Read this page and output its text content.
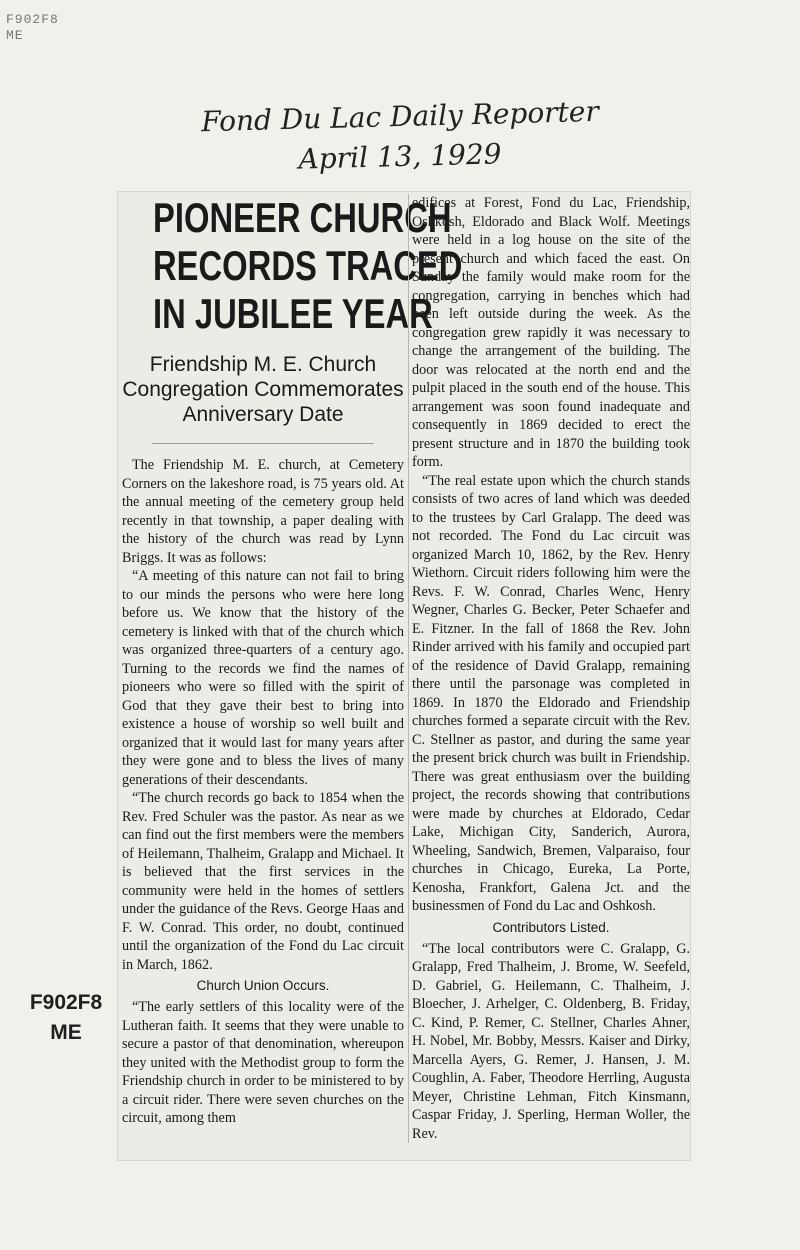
F902F8
ME
Fond Du Lac Daily Reporter
April 13, 1929
F902F8
ME
PIONEER CHURCH
RECORDS TRACED
IN JUBILEE YEAR
Friendship M. E. Church Congregation Commemorates Anniversary Date

The Friendship M. E. church, at Cemetery Corners on the lakeshore road, is 75 years old. At the annual meeting of the cemetery group held recently in that township, a paper dealing with the history of the church was read by Lynn Briggs. It was as follows:

“A meeting of this nature can not fail to bring to our minds the persons who were here long before us. We know that the history of the cemetery is linked with that of the church which was organized three-quarters of a century ago. Turning to the records we find the names of pioneers who were so filled with the spirit of God that they gave their best to bring into existence a house of worship so well built and organized that it would last for many years after they were gone and to bless the lives of many generations of their descendants.

“The church records go back to 1854 when the Rev. Fred Schuler was the pastor. As near as we can find out the first members were the members of Heilemann, Thalheim, Gralapp and Michael. It is believed that the first services in the community were held in the homes of settlers under the guidance of the Revs. George Haas and F. W. Conrad. This order, no doubt, continued until the organization of the Fond du Lac circuit in March, 1862.

Church Union Occurs.

“The early settlers of this locality were of the Lutheran faith. It seems that they were unable to secure a pastor of that denomination, whereupon they united with the Methodist group to form the Friendship church in order to be ministered to by a circuit rider. There were seven churches on the circuit, among them

edifices at Forest, Fond du Lac, Friendship, Oshkosh, Eldorado and Black Wolf. Meetings were held in a log house on the site of the present church and which faced the east. On Sunday the family would make room for the congregation, carrying in benches which had been left outside during the week. As the congregation grew rapidly it was necessary to change the arrangement of the building. The door was relocated at the north end and the pulpit placed in the south end of the house. This arrangement was soon found inadequate and consequently in 1869 decided to erect the present structure and in 1870 the building took form.

“The real estate upon which the church stands consists of two acres of land which was deeded to the trustees by Carl Gralapp. The deed was not recorded. The Fond du Lac circuit was organized March 10, 1862, by the Rev. Henry Wiethorn. Circuit riders following him were the Revs. F. W. Conrad, Charles Wenc, Henry Wegner, Charles G. Becker, Peter Schaefer and E. Fitzner. In the fall of 1868 the Rev. John Rinder arrived with his family and occupied part of the residence of David Gralapp, remaining there until the parsonage was completed in 1869. In 1870 the Eldorado and Friendship churches formed a separate circuit with the Rev. C. Stellner as pastor, and during the same year the present brick church was built in Friendship. There was great enthusiasm over the building project, the records showing that contributions were made by churches at Eldorado, Cedar Lake, Michigan City, Sanderich, Aurora, Wheeling, Sandwich, Bremen, Valparaiso, four churches in Chicago, Eureka, La Porte, Kenosha, Frankfort, Galena Jct. and the businessmen of Fond du Lac and Oshkosh.

Contributors Listed.

“The local contributors were C. Gralapp, G. Gralapp, Fred Thalheim, J. Brome, W. Seefeld, D. Gabriel, G. Heilemann, C. Thalheim, J. Bloecher, J. Arhelger, C. Oldenberg, B. Friday, C. Kind, P. Remer, C. Stellner, Charles Ahner, H. Nobel, Mr. Bobby, Messrs. Kaiser and Dirky, Marcella Ayers, G. Remer, J. Hansen, J. M. Coughlin, A. Faber, Theodore Herrling, Augusta Meyer, Christine Lehman, Fitch Kinsmann, Caspar Friday, J. Sperling, Herman Woller, the Rev.
